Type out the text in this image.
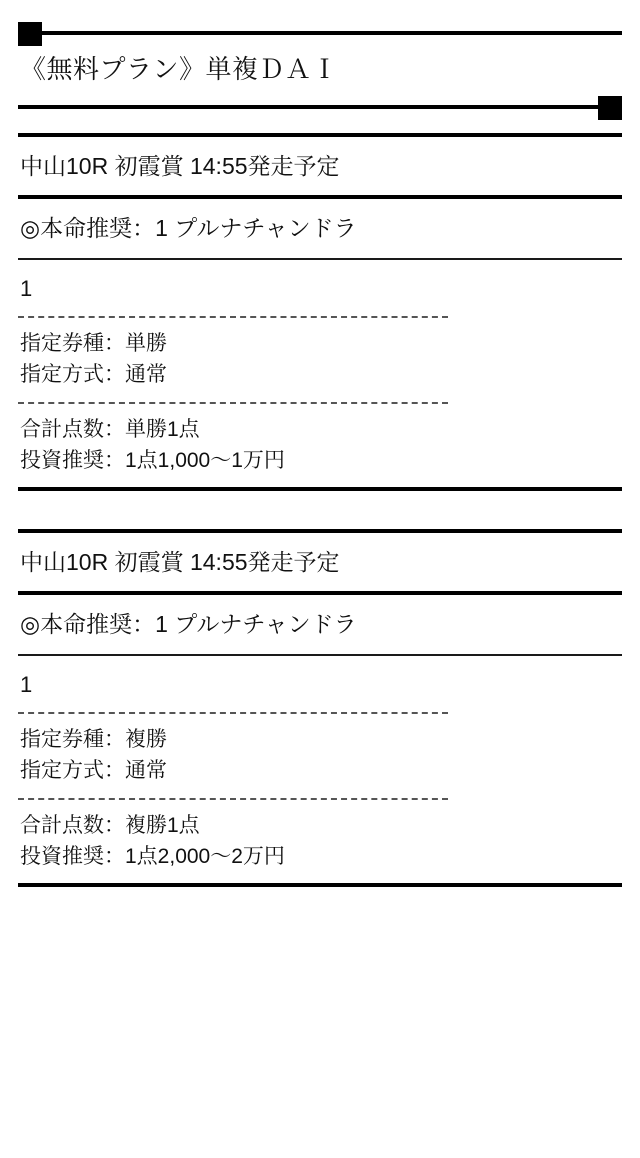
《無料プラン》単複ＤＡＩ
中山10R 初霞賞 14:55発走予定
◎本命推奨：1 プルナチャンドラ
1
指定券種：単勝
指定方式：通常
合計点数：単勝1点
投資推奨：1点1,000〜1万円
中山10R 初霞賞 14:55発走予定
◎本命推奨：1 プルナチャンドラ
1
指定券種：複勝
指定方式：通常
合計点数：複勝1点
投資推奨：1点2,000〜2万円
